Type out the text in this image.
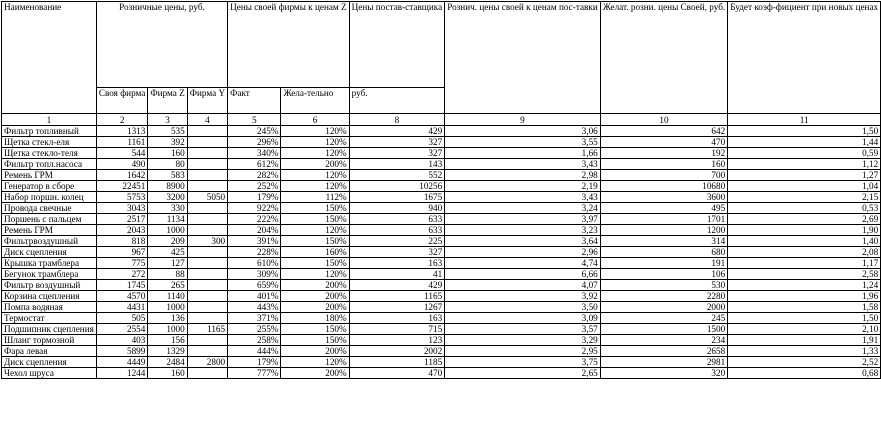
Наименование	Розничные цены, руб.			Цены своей фирмы к ценам Z		Цены постав-ставщика	Рознич. цены своей к ценам пос-тавки	Желат. розни. цены Своей, руб.	Будет коэф-фициент при новых ценах
	Своя фирма	Фирма Z	Фирма Y	Факт	Жела-тельно	руб.			
1	2	3	4	5	6	8	9	10	11
Фильтр топливный	1313	535		245%	120%	429	3,06	642	1,50
Щетка стекл-еля	1161	392		296%	120%	327	3,55	470	1,44
Щетка стекло-теля	544	160		340%	120%	327	1,66	192	0,59
Фильтр топл.насоса	490	80		612%	200%	143	3,43	160	1,12
Ремень ГРМ	1642	583		282%	120%	552	2,98	700	1,27
Генератор в сборе	22451	8900		252%	120%	10256	2,19	10680	1,04
Набор поршн. колец	5753	3200	5050	179%	112%	1675	3,43	3600	2,15
Провода свечные	3043	330		922%	150%	940	3,24	495	0,53
Поршень с пальцем	2517	1134		222%	150%	633	3,97	1701	2,69
Ремень ГРМ	2043	1000		204%	120%	633	3,23	1200	1,90
Фильтрвоздушный	818	209	300	391%	150%	225	3,64	314	1,40
Диск сцепления	967	425		228%	160%	327	2,96	680	2,08
Крышка трамблера	775	127		610%	150%	163	4,74	191	1,17
Бегунок трамблера	272	88		309%	120%	41	6,66	106	2,58
Фильтр воздушный	1745	265		659%	200%	429	4,07	530	1,24
Корзина сцепления	4570	1140		401%	200%	1165	3,92	2280	1,96
Помпа водяная	4431	1000		443%	200%	1267	3,50	2000	1,58
Термостат	505	136		371%	180%	163	3,09	245	1,50
Подшипник сцепления	2554	1000	1165	255%	150%	715	3,57	1500	2,10
Шланг тормозной	403	156		258%	150%	123	3,29	234	1,91
Фара левая	5899	1329		444%	200%	2002	2,95	2658	1,33
Диск сцепления	4449	2484	2800	179%	120%	1185	3,75	2981	2,52
Чехол шруса	1244	160		777%	200%	470	2,65	320	0,68
